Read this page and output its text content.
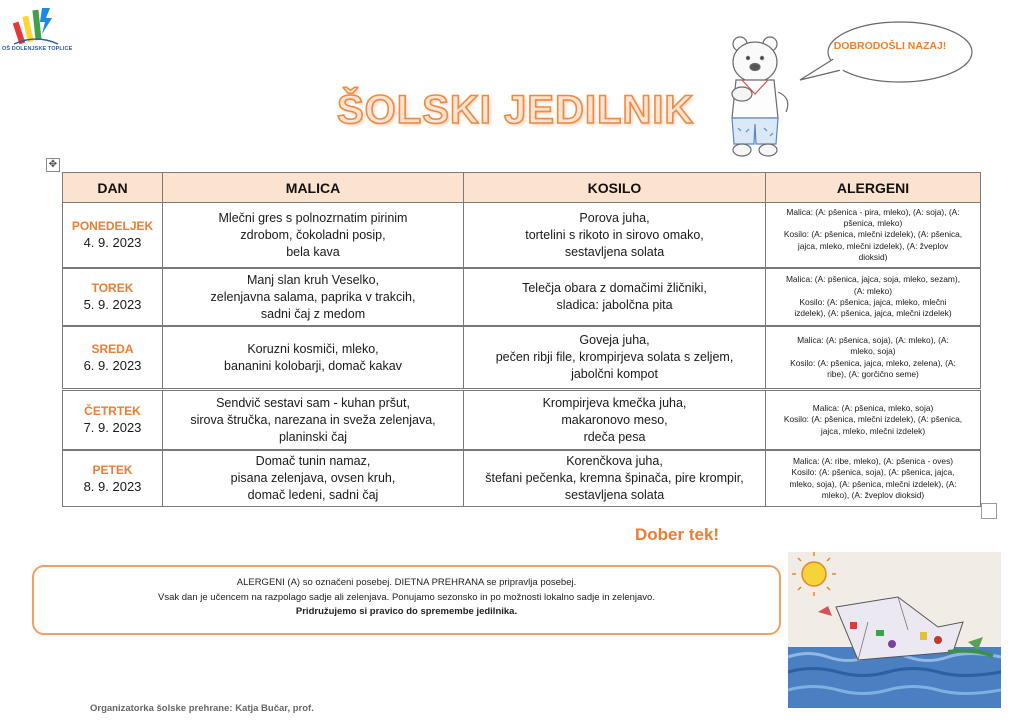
OŠ DOLENJSKE TOPLICE
ŠOLSKI JEDILNIK
DOBRODOŠLI NAZAJ!
✥
DAN	MALICA	KOSILO	ALERGENI

PONEDELJEK
4. 9. 2023	Mlečni gres s polnozrnatim pirinim
zdrobom, čokoladni posip,
bela kava	Porova juha,
tortelini s rikoto in sirovo omako,
sestavljena solata	Malica: (A: pšenica - pira, mleko), (A: soja), (A:
pšenica, mleko)
Kosilo: (A: pšenica, mlečni izdelek), (A: pšenica,
jajca, mleko, mlečni izdelek), (A: žveplov
dioksid)

TOREK
5. 9. 2023	Manj slan kruh Veselko,
zelenjavna salama, paprika v trakcih,
sadni čaj z medom	Telečja obara z domačimi žličniki,
sladica: jabolčna pita	Malica: (A: pšenica, jajca, soja, mleko, sezam),
(A: mleko)
Kosilo: (A: pšenica, jajca, mleko, mlečni
izdelek), (A: pšenica, jajca, mlečni izdelek)

SREDA
6. 9. 2023	Koruzni kosmiči, mleko,
bananini kolobarji, domač kakav	Goveja juha,
pečen ribji file, krompirjeva solata s zeljem,
jabolčni kompot	Malica: (A: pšenica, soja), (A: mleko), (A:
mleko, soja)
Kosilo: (A: pšenica, jajca, mleko, zelena), (A:
ribe), (A: gorčično seme)

ČETRTEK
7. 9. 2023	Sendvič sestavi sam - kuhan pršut,
sirova štručka, narezana in sveža zelenjava,
planinski čaj	Krompirjeva kmečka juha,
makaronovo meso,
rdeča pesa	Malica: (A: pšenica, mleko, soja)
Kosilo: (A: pšenica, mlečni izdelek), (A: pšenica,
jajca, mleko, mlečni izdelek)

PETEK
8. 9. 2023	Domač tunin namaz,
pisana zelenjava, ovsen kruh,
domač ledeni, sadni čaj	Korenčkova juha,
štefani pečenka, kremna špinača, pire krompir,
sestavljena solata	Malica: (A: ribe, mleko), (A: pšenica - oves)
Kosilo: (A: pšenica, soja), (A: pšenica, jajca,
mleko, soja), (A: pšenica, mlečni izdelek), (A:
mleko), (A: žveplov dioksid)
Dober tek!
ALERGENI (A) so označeni posebej. DIETNA PREHRANA se pripravlja posebej.
Vsak dan je učencem na razpolago sadje ali zelenjava. Ponujamo sezonsko in po možnosti lokalno sadje in zelenjavo.
Pridružujemo si pravico do spremembe jedilnika.
Organizatorka šolske prehrane: Katja Bučar, prof.
